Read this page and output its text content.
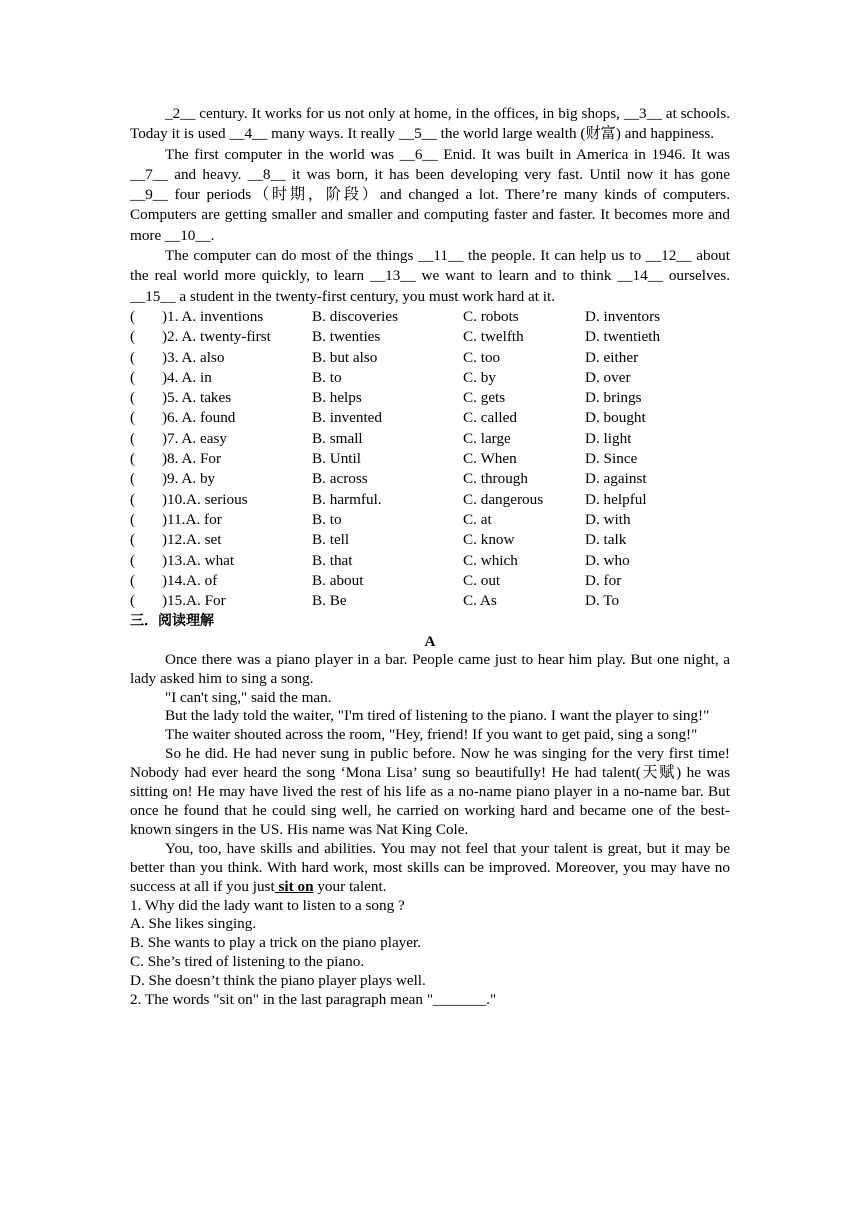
_2__ century. It works for us not only at home, in the offices, in big shops, __3__ at schools. Today it is used __4__ many ways. It really __5__ the world large wealth (财富) and happiness.

The first computer in the world was __6__ Enid. It was built in America in 1946. It was __7__ and heavy. __8__ it was born, it has been developing very fast. Until now it has gone __9__ four periods（时期，阶段）and changed a lot. There’re many kinds of computers. Computers are getting smaller and smaller and computing faster and faster. It becomes more and more __10__.

The computer can do most of the things __11__ the people. It can help us to __12__ about the real world more quickly, to learn __13__ we want to learn and to think __14__ ourselves. __15__ a student in the twenty-first century, you must work hard at it.

( )1. A. inventions	B. discoveries	C. robots	D. inventors
( )2. A. twenty-first	B. twenties	C. twelfth	D. twentieth
( )3. A. also	B. but also	C. too	D. either
( )4. A. in	B. to	C. by	D. over
( )5. A. takes	B. helps	C. gets	D. brings
( )6. A. found	B. invented	C. called	D. bought
( )7. A. easy	B. small	C. large	D. light
( )8. A. For	B. Until	C. When	D. Since
( )9. A. by	B. across	C. through	D. against
( )10.A. serious	B. harmful.	C. dangerous	D. helpful
( )11.A. for	B. to	C. at	D. with
( )12.A. set	B. tell	C. know	D. talk
( )13.A. what	B. that	C. which	D. who
( )14.A. of	B. about	C. out	D. for
( )15.A. For	B. Be	C. As	D. To
三．阅读理解
A

Once there was a piano player in a bar. People came just to hear him play. But one night, a lady asked him to sing a song.

"I can't sing," said the man.

But the lady told the waiter, "I'm tired of listening to the piano. I want the player to sing!"

The waiter shouted across the room, "Hey, friend! If you want to get paid, sing a song!"

So he did. He had never sung in public before. Now he was singing for the very first time! Nobody had ever heard the song ‘Mona Lisa’ sung so beautifully! He had talent(天赋) he was sitting on! He may have lived the rest of his life as a no-name piano player in a no-name bar. But once he found that he could sing well, he carried on working hard and became one of the best-known singers in the US. His name was Nat King Cole.

You, too, have skills and abilities. You may not feel that your talent is great, but it may be better than you think. With hard work, most skills can be improved. Moreover, you may have no success at all if you just sit on your talent.

1. Why did the lady want to listen to a song ?

A. She likes singing.

B. She wants to play a trick on the piano player.

C. She’s tired of listening to the piano.

D. She doesn’t think the piano player plays well.

2. The words "sit on" in the last paragraph mean "_______."
